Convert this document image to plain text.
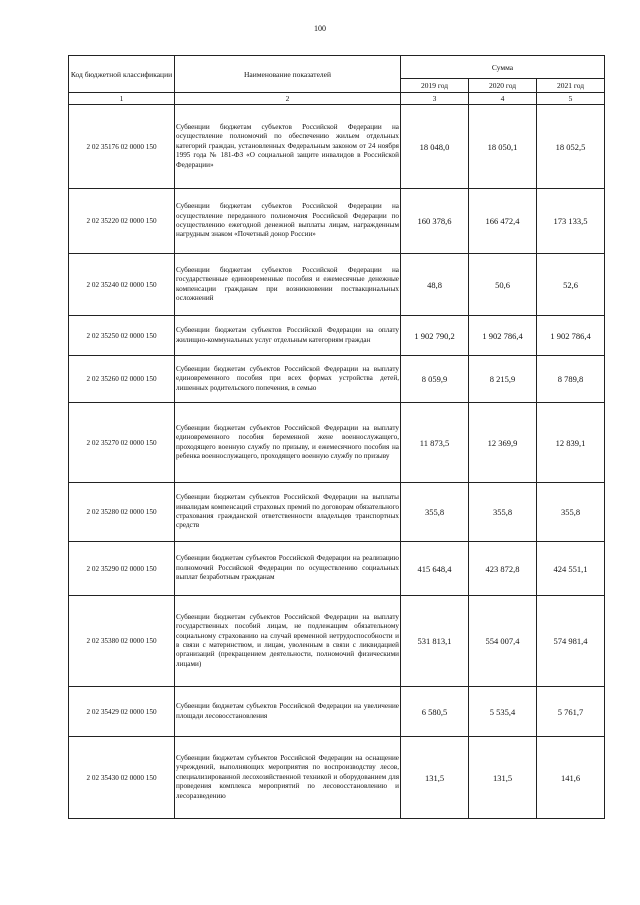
100
Код бюджетной классификации	Наименование показателей	Сумма		
		2019 год	2020 год	2021 год
1	2	3	4	5
2 02 35176 02 0000 150	Субвенции бюджетам субъектов Российской Федерации на осуществление полномочий по обеспечению жильем отдельных категорий граждан, установленных Федеральным законом от 24 ноября 1995 года № 181-ФЗ «О социальной защите инвалидов в Российской Федерации»	18 048,0	18 050,1	18 052,5
2 02 35220 02 0000 150	Субвенции бюджетам субъектов Российской Федерации на осуществление переданного полномочия Российской Федерации по осуществлению ежегодной денежной выплаты лицам, награжденным нагрудным знаком «Почетный донор России»	160 378,6	166 472,4	173 133,5
2 02 35240 02 0000 150	Субвенции бюджетам субъектов Российской Федерации на государственные единовременные пособия и ежемесячные денежные компенсации гражданам при возникновении поствакцинальных осложнений	48,8	50,6	52,6
2 02 35250 02 0000 150	Субвенции бюджетам субъектов Российской Федерации на оплату жилищно-коммунальных услуг отдельным категориям граждан	1 902 790,2	1 902 786,4	1 902 786,4
2 02 35260 02 0000 150	Субвенции бюджетам субъектов Российской Федерации на выплату единовременного пособия при всех формах устройства детей, лишенных родительского попечения, в семью	8 059,9	8 215,9	8 789,8
2 02 35270 02 0000 150	Субвенции бюджетам субъектов Российской Федерации на выплату единовременного пособия беременной жене военнослужащего, проходящего военную службу по призыву, и ежемесячного пособия на ребенка военнослужащего, проходящего военную службу по призыву	11 873,5	12 369,9	12 839,1
2 02 35280 02 0000 150	Субвенции бюджетам субъектов Российской Федерации на выплаты инвалидам компенсаций страховых премий по договорам обязательного страхования гражданской ответственности владельцев транспортных средств	355,8	355,8	355,8
2 02 35290 02 0000 150	Субвенции бюджетам субъектов Российской Федерации на реализацию полномочий Российской Федерации по осуществлению социальных выплат безработным гражданам	415 648,4	423 872,8	424 551,1
2 02 35380 02 0000 150	Субвенции бюджетам субъектов Российской Федерации на выплату государственных пособий лицам, не подлежащим обязательному социальному страхованию на случай временной нетрудоспособности и в связи с материнством, и лицам, уволенным в связи с ликвидацией организаций (прекращением деятельности, полномочий физическими лицами)	531 813,1	554 007,4	574 981,4
2 02 35429 02 0000 150	Субвенции бюджетам субъектов Российской Федерации на увеличение площади лесовосстановления	6 580,5	5 535,4	5 761,7
2 02 35430 02 0000 150	Субвенции бюджетам субъектов Российской Федерации на оснащение учреждений, выполняющих мероприятия по воспроизводству лесов, специализированной лесохозяйственной техникой и оборудованием для проведения комплекса мероприятий по лесовосстановлению и лесоразведению	131,5	131,5	141,6
